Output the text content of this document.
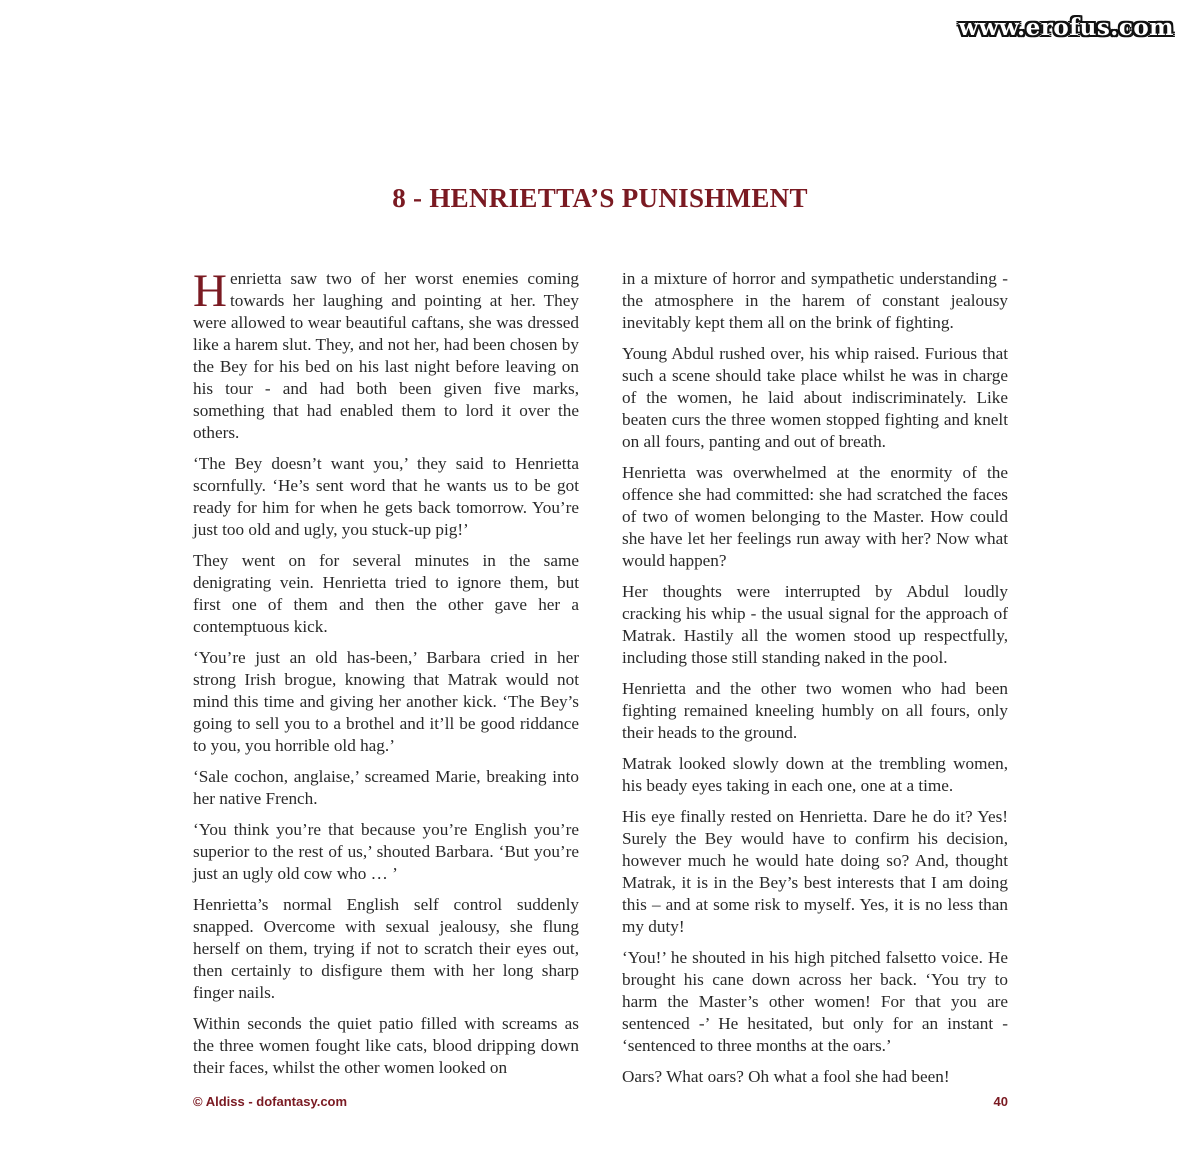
www.erofus.com
8 - HENRIETTA’S PUNISHMENT

Henrietta saw two of her worst enemies coming towards her laughing and pointing at her. They were allowed to wear beautiful caftans, she was dressed like a harem slut. They, and not her, had been chosen by the Bey for his bed on his last night before leaving on his tour - and had both been given five marks, something that had enabled them to lord it over the others.

‘The Bey doesn’t want you,’ they said to Henrietta scornfully. ‘He’s sent word that he wants us to be got ready for him for when he gets back tomorrow. You’re just too old and ugly, you stuck-up pig!’

They went on for several minutes in the same denigrating vein. Henrietta tried to ignore them, but first one of them and then the other gave her a contemptuous kick.

‘You’re just an old has-been,’ Barbara cried in her strong Irish brogue, knowing that Matrak would not mind this time and giving her another kick. ‘The Bey’s going to sell you to a brothel and it’ll be good riddance to you, you horrible old hag.’

‘Sale cochon, anglaise,’ screamed Marie, breaking into her native French.

‘You think you’re that because you’re English you’re superior to the rest of us,’ shouted Barbara. ‘But you’re just an ugly old cow who … ’

Henrietta’s normal English self control suddenly snapped. Overcome with sexual jealousy, she flung herself on them, trying if not to scratch their eyes out, then certainly to disfigure them with her long sharp finger nails.

Within seconds the quiet patio filled with screams as the three women fought like cats, blood dripping down their faces, whilst the other women looked on

in a mixture of horror and sympathetic understanding - the atmosphere in the harem of constant jealousy inevitably kept them all on the brink of fighting.

Young Abdul rushed over, his whip raised. Furious that such a scene should take place whilst he was in charge of the women, he laid about indiscriminately. Like beaten curs the three women stopped fighting and knelt on all fours, panting and out of breath.

Henrietta was overwhelmed at the enormity of the offence she had committed: she had scratched the faces of two of women belonging to the Master. How could she have let her feelings run away with her? Now what would happen?

Her thoughts were interrupted by Abdul loudly cracking his whip - the usual signal for the approach of Matrak. Hastily all the women stood up respectfully, including those still standing naked in the pool.

Henrietta and the other two women who had been fighting remained kneeling humbly on all fours, only their heads to the ground.

Matrak looked slowly down at the trembling women, his beady eyes taking in each one, one at a time.

His eye finally rested on Henrietta. Dare he do it? Yes! Surely the Bey would have to confirm his decision, however much he would hate doing so? And, thought Matrak, it is in the Bey’s best interests that I am doing this – and at some risk to myself. Yes, it is no less than my duty!

‘You!’ he shouted in his high pitched falsetto voice. He brought his cane down across her back. ‘You try to harm the Master’s other women! For that you are sentenced -’ He hesitated, but only for an instant - ‘sentenced to three months at the oars.’

Oars? What oars? Oh what a fool she had been!

© Aldiss - dofantasy.com	40
